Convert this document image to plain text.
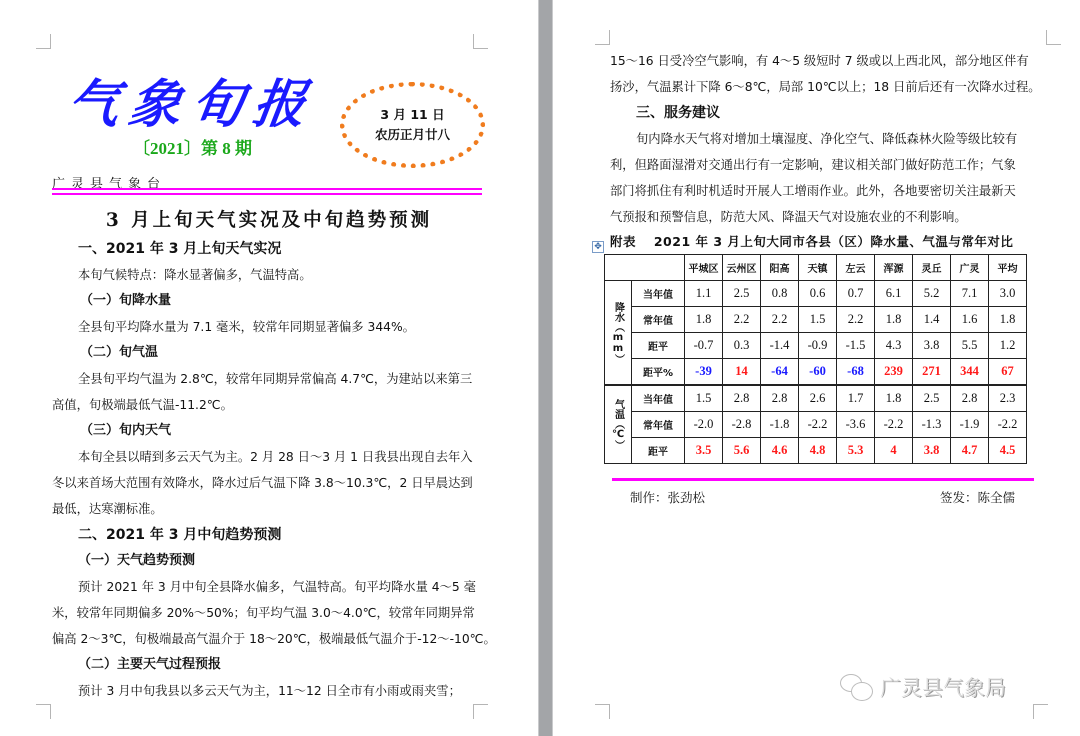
气象旬报
〔2021〕第 8 期
3 月 11 日
农历正月廿八
广灵县气象台
3 月上旬天气实况及中旬趋势预测
一、2021 年 3 月上旬天气实况
本旬气候特点：降水显著偏多，气温特高。
（一）旬降水量
全县旬平均降水量为 7.1 毫米，较常年同期显著偏多 344%。
（二）旬气温
全县旬平均气温为 2.8℃，较常年同期异常偏高 4.7℃，为建站以来第三
高值，旬极端最低气温-11.2℃。
（三）旬内天气
本旬全县以晴到多云天气为主。2 月 28 日～3 月 1 日我县出现自去年入
冬以来首场大范围有效降水，降水过后气温下降 3.8～10.3℃，2 日早晨达到
最低，达寒潮标准。
二、2021 年 3 月中旬趋势预测
（一）天气趋势预测
预计 2021 年 3 月中旬全县降水偏多，气温特高。旬平均降水量 4～5 毫
米，较常年同期偏多 20%～50%；旬平均气温 3.0～4.0℃，较常年同期异常
偏高 2～3℃，旬极端最高气温介于 18～20℃，极端最低气温介于-12～-10℃。
（二）主要天气过程预报
预计 3 月中旬我县以多云天气为主，11～12 日全市有小雨或雨夹雪；
15～16 日受冷空气影响，有 4～5 级短时 7 级或以上西北风，部分地区伴有
扬沙，气温累计下降 6～8℃，局部 10℃以上；18 日前后还有一次降水过程。
三、服务建议
旬内降水天气将对增加土壤湿度、净化空气、降低森林火险等级比较有
利，但路面湿滑对交通出行有一定影响，建议相关部门做好防范工作；气象
部门将抓住有利时机适时开展人工增雨作业。此外，各地要密切关注最新天
气预报和预警信息，防范大风、降温天气对设施农业的不利影响。
✥ 附表　 2021 年 3 月上旬大同市各县（区）降水量、气温与常年对比
		平城区	云州区	阳高	天镇	左云	浑源	灵丘	广灵	平均
降水（mm）	当年值	1.1	2.5	0.8	0.6	0.7	6.1	5.2	7.1	3.0
	常年值	1.8	2.2	2.2	1.5	2.2	1.8	1.4	1.6	1.8
	距平	-0.7	0.3	-1.4	-0.9	-1.5	4.3	3.8	5.5	1.2
	距平%	-39	14	-64	-60	-68	239	271	344	67
气温（℃）	当年值	1.5	2.8	2.8	2.6	1.7	1.8	2.5	2.8	2.3
	常年值	-2.0	-2.8	-1.8	-2.2	-3.6	-2.2	-1.3	-1.9	-2.2
	距平	3.5	5.6	4.6	4.8	5.3	4	3.8	4.7	4.5
制作：张劲松	签发：陈全儒
广灵县气象局
